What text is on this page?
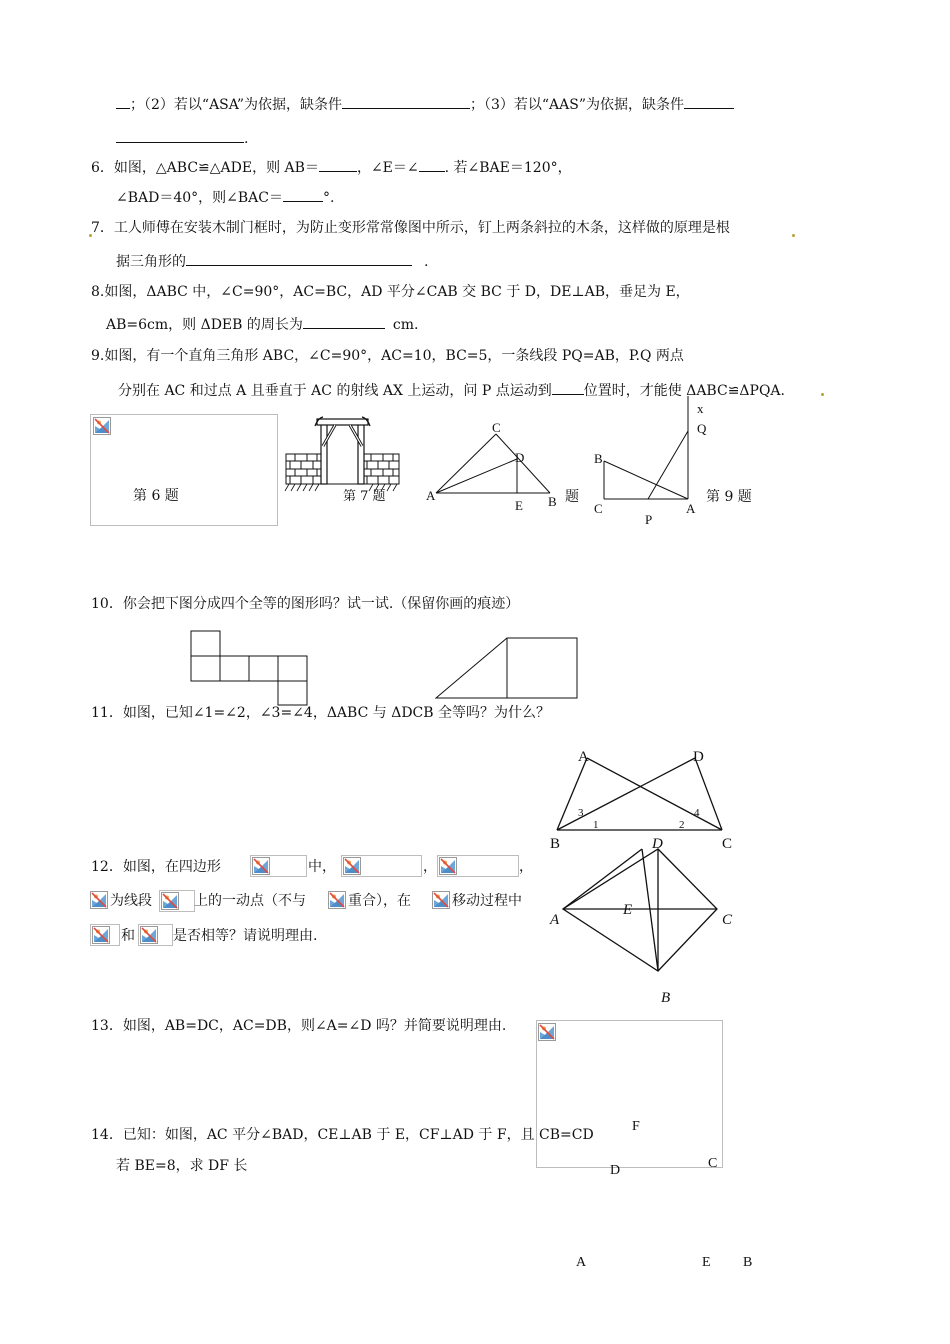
；（2）若以“ASA”为依据，缺条件	；（3）若以“AAS”为依据，缺条件
.
6．如图，△ABC≌△ADE，则 AB＝	，∠E＝∠ . 若∠BAE＝120°，
∠BAD＝40°，则∠BAC＝	°.
7．工人师傅在安装木制门框时，为防止变形常常像图中所示，钉上两条斜拉的木条，这样做的原理是根
据三角形的	.
8.如图，ΔABC 中，∠C=90°，AC=BC，AD 平分∠CAB 交 BC 于 D，DE⊥AB，垂足为 E，
AB=6cm，则 ΔDEB 的周长为	cm.
9.如图，有一个直角三角形 ABC，∠C=90°，AC=10，BC=5，一条线段 PQ=AB，P.Q 两点
分别在 AC 和过点 A 且垂直于 AC 的射线 AX 上运动，问 P 点运动到 位置时，才能使 ΔABC≌ΔPQA.
第 6 题	第 7 题
C
D
A
E B 题
x
Q
B
C	A
P
第 9 题
10．你会把下图分成四个全等的图形吗？试一试.（保留你画的痕迹）
11．如图，已知∠1=∠2，∠3=∠4，ΔABC 与 ΔDCB 全等吗？为什么？
A	D
B	C
3
1	2
4
12．如图，在四边形	中，	，	，
为线段	上的一动点（不与	重合），在	移动过程中
和	是否相等？请说明理由.
D
A
E
C
B
13．如图，AB=DC，AC=DB，则∠A=∠D 吗？并简要说明理由.
14．已知：如图，AC 平分∠BAD，CE⊥AB 于 E，CF⊥AD 于 F，且 CB=CD
若 BE=8，求 DF 长
F
D	C
A	E B
